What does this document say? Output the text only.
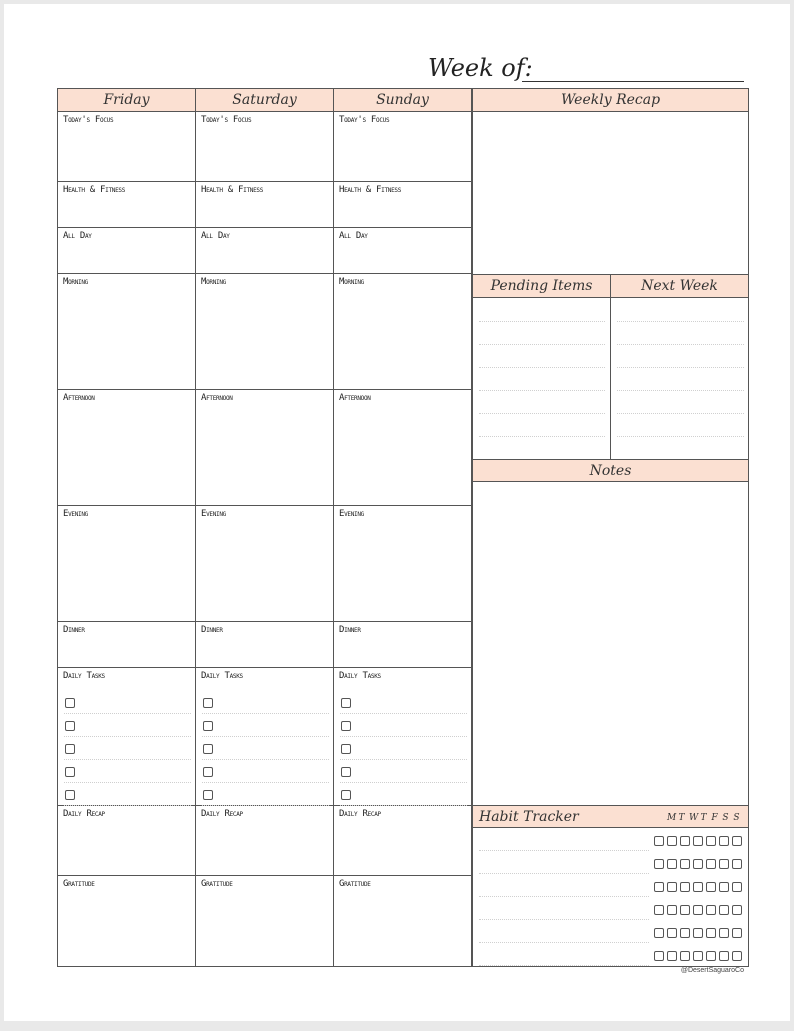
Week of:
Friday
Today's Focus
Health & Fitness
All Day
Morning
Afternoon
Evening
Dinner
Daily Tasks
Daily Recap
Gratitude
Saturday
Today's Focus
Health & Fitness
All Day
Morning
Afternoon
Evening
Dinner
Daily Tasks
Daily Recap
Gratitude
Sunday
Today's Focus
Health & Fitness
All Day
Morning
Afternoon
Evening
Dinner
Daily Tasks
Daily Recap
Gratitude
Weekly Recap
Pending Items	Next Week
Notes
Habit Tracker	M T W T F S S
@DesertSaguaroCo
